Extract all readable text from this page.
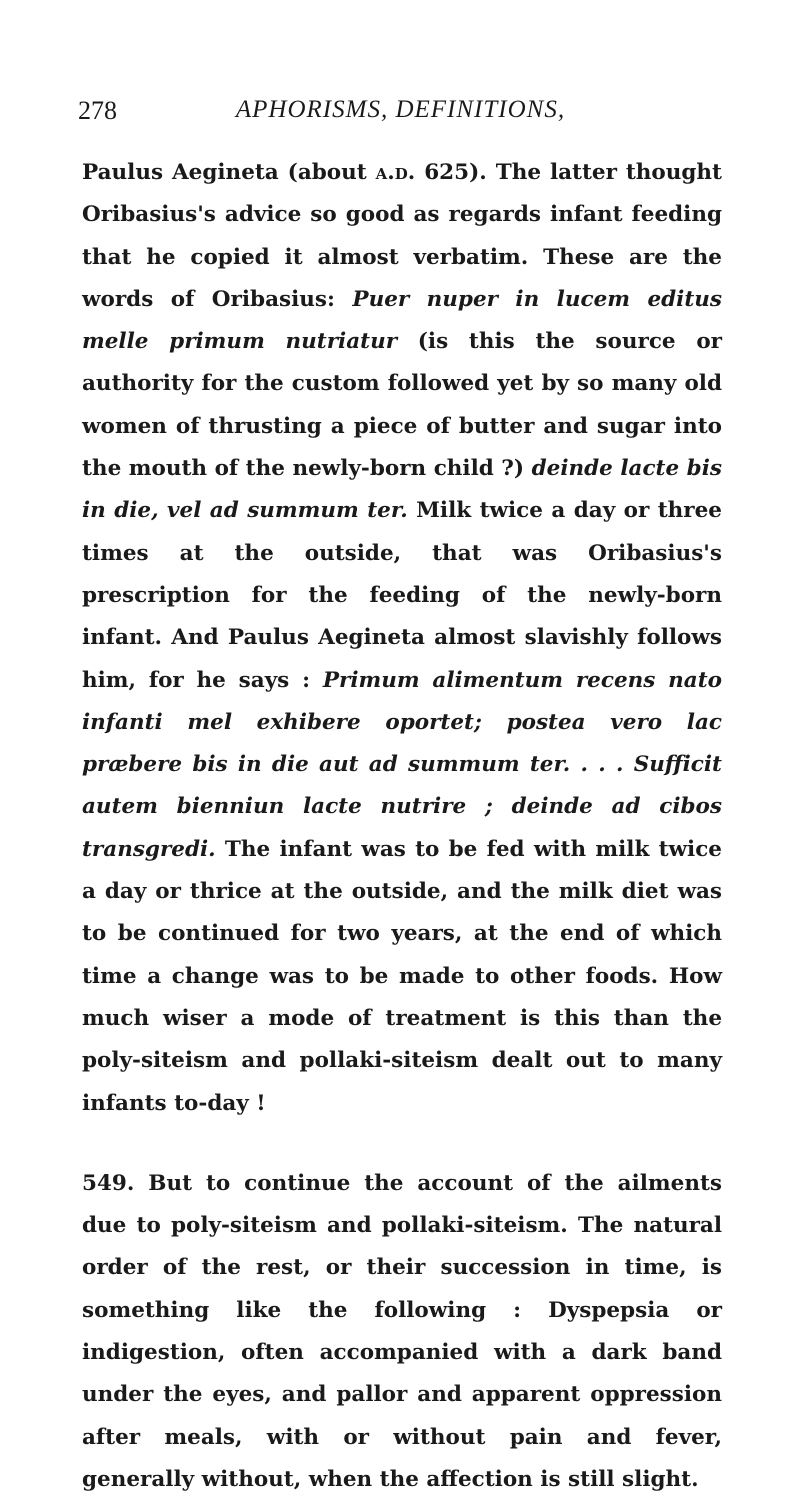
278	APHORISMS, DEFINITIONS,

Paulus Aegineta (about a.d. 625). The latter thought Oribasius's advice so good as regards infant feeding that he copied it almost verbatim. These are the words of Oribasius: Puer nuper in lucem editus melle primum nutriatur (is this the source or authority for the custom followed yet by so many old women of thrusting a piece of butter and sugar into the mouth of the newly-born child ?) deinde lacte bis in die, vel ad summum ter. Milk twice a day or three times at the outside, that was Oribasius's prescription for the feeding of the newly-born infant. And Paulus Aegineta almost slavishly follows him, for he says : Primum alimentum recens nato infanti mel exhibere oportet; postea vero lac præbere bis in die aut ad summum ter. . . . Sufficit autem bienniun lacte nutrire ; deinde ad cibos transgredi. The infant was to be fed with milk twice a day or thrice at the outside, and the milk diet was to be continued for two years, at the end of which time a change was to be made to other foods. How much wiser a mode of treatment is this than the poly-siteism and pollaki-siteism dealt out to many infants to-day !

549. But to continue the account of the ailments due to poly-siteism and pollaki-siteism. The natural order of the rest, or their succession in time, is something like the following : Dyspepsia or indigestion, often accompanied with a dark band under the eyes, and pallor and apparent oppression after meals, with or without pain and fever, generally without, when the affection is still slight.
